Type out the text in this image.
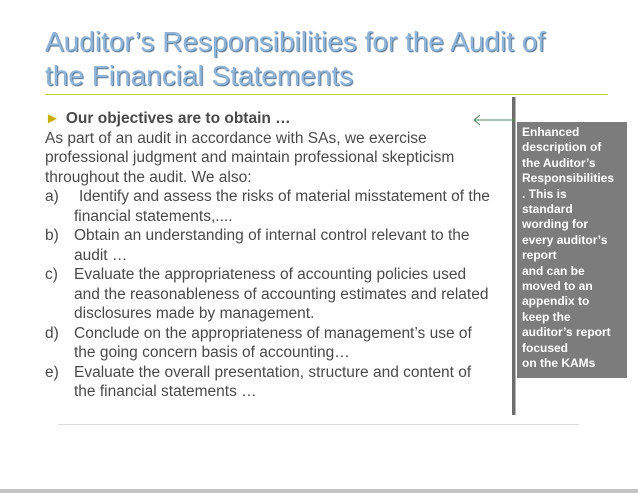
Auditor’s Responsibilities for the Audit of
the Financial Statements
► Our objectives are to obtain …

As part of an audit in accordance with SAs, we exercise
professional judgment and maintain professional skepticism
throughout the audit. We also:

a)	Identify and assess the risks of material misstatement of the
financial statements,....
b) Obtain an understanding of internal control relevant to the
audit …
c)	Evaluate the appropriateness of accounting policies used
and the reasonableness of accounting estimates and related
disclosures made by management.
d) Conclude on the appropriateness of management’s use of
the going concern basis of accounting…
e) Evaluate the overall presentation, structure and content of
the financial statements …

Enhanced

description of

the Auditor’s

Responsibilities

. This is

standard

wording for

every auditor’s

report

and can be

moved to an

appendix to

keep the

auditor’s report

focused

on the KAMs
